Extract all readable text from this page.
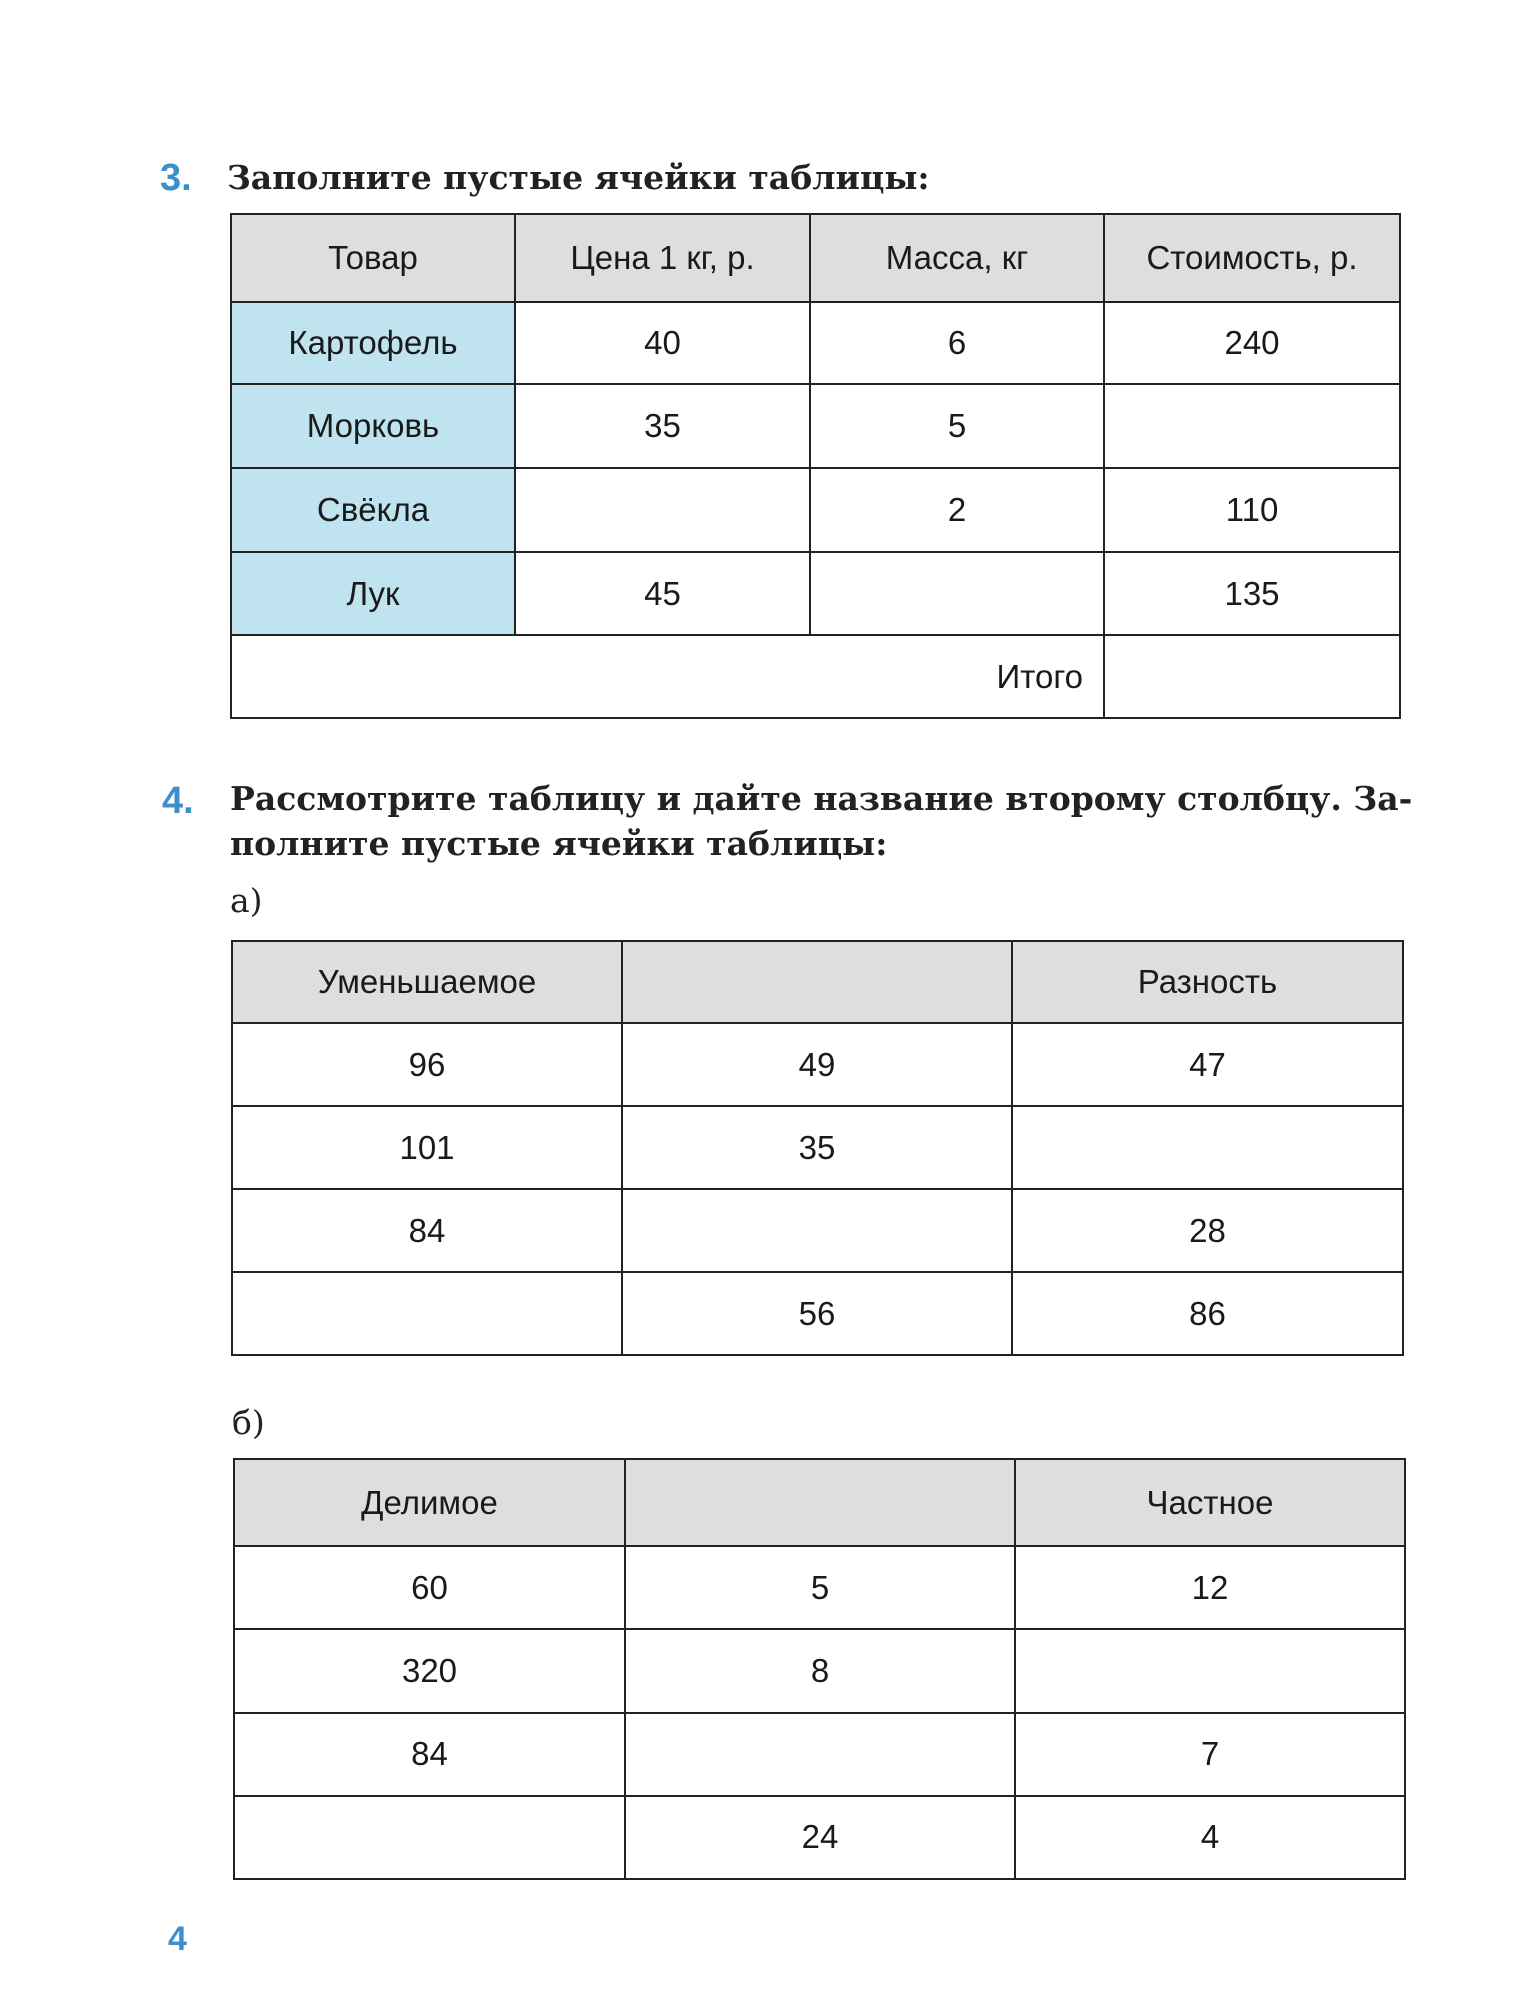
3. Заполните пустые ячейки таблицы:
Товар	Цена 1 кг, р.	Масса, кг	Стоимость, р.
Картофель	40	6	240
Морковь	35	5	
Свёкла		2	110
Лук	45		135
Итого			
4. Рассмотрите таблицу и дайте название второму столбцу. За-
полните пустые ячейки таблицы:
а)
Уменьшаемое		Разность
96	49	47
101	35	
84		28
	56	86
б)
Делимое		Частное
60	5	12
320	8	
84		7
	24	4
4
